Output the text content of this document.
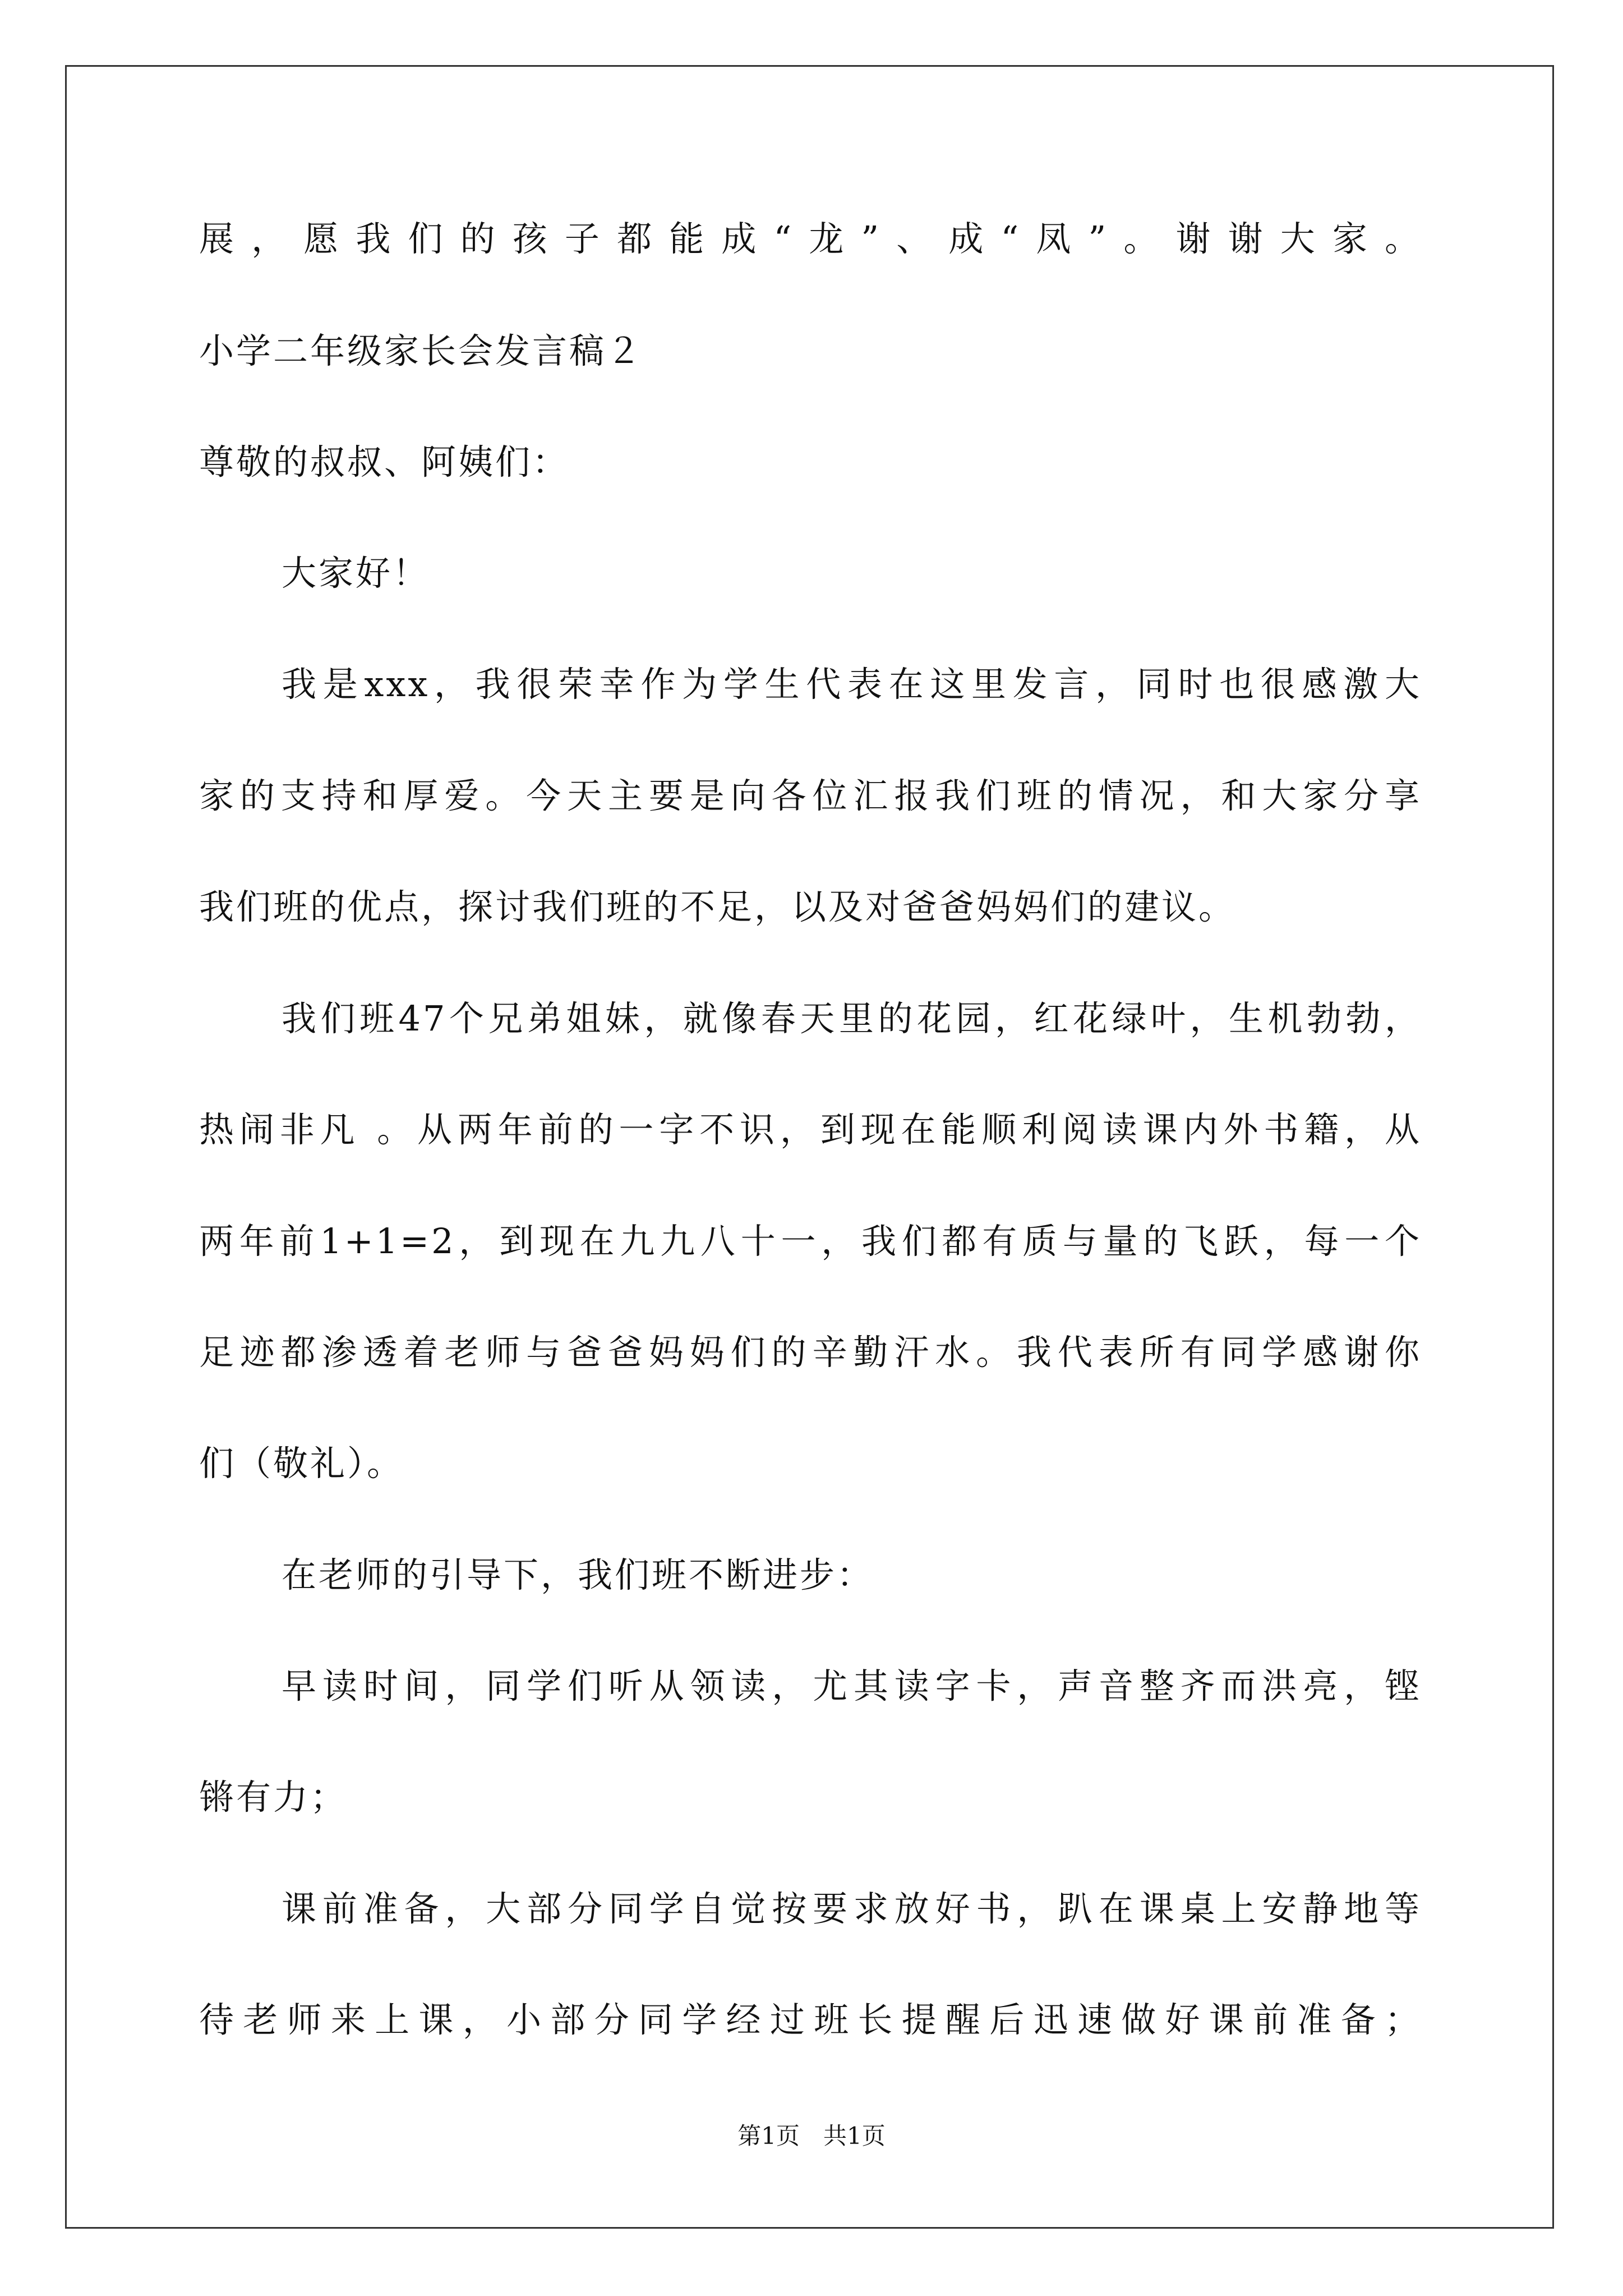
展，愿我们的孩子都能成“龙”、成“凤”。谢谢大家。
小学二年级家长会发言稿２
尊敬的叔叔、阿姨们：
大家好！
我是xxx，我很荣幸作为学生代表在这里发言，同时也很感激大
家的支持和厚爱。今天主要是向各位汇报我们班的情况，和大家分享
我们班的优点，探讨我们班的不足，以及对爸爸妈妈们的建议。
我们班47个兄弟姐妹，就像春天里的花园，红花绿叶，生机勃勃，
热闹非凡 。从两年前的一字不识，到现在能顺利阅读课内外书籍，从
两年前1+1=2，到现在九九八十一，我们都有质与量的飞跃，每一个
足迹都渗透着老师与爸爸妈妈们的辛勤汗水。我代表所有同学感谢你
们（敬礼）。
在老师的引导下，我们班不断进步：
早读时间，同学们听从领读，尤其读字卡，声音整齐而洪亮，铿
锵有力；
课前准备，大部分同学自觉按要求放好书，趴在课桌上安静地等
待老师来上课，小部分同学经过班长提醒后迅速做好课前准备；
第1页　共1页
